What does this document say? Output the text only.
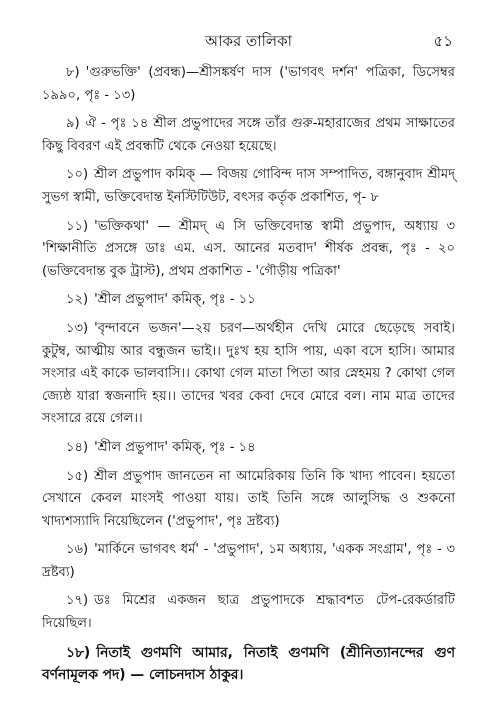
আকর তালিকা	৫১

৮) 'গুরুভক্তি' (প্রবন্ধ)—শ্রীসঙ্কর্ষণ দাস ('ভাগবৎ দর্শন' পত্রিকা, ডিসেম্বর ১৯৯০, পৃঃ - ১৩)

৯) ঐ - পৃঃ ১৪ শ্রীল প্রভুপাদের সঙ্গে তাঁর গুরু-মহারাজের প্রথম সাক্ষাতের কিছু বিবরণ এই প্রবন্ধটি থেকে নেওয়া হয়েছে।

১০) শ্রীল প্রভুপাদ কমিক্ — বিজয় গোবিন্দ দাস সম্পাদিত, বঙ্গানুবাদ শ্রীমদ্ সুভগ স্বামী, ভক্তিবেদান্ত ইনস্টিটিউট, বৎসর কর্তৃক প্রকাশিত, পৃ- ৮

১১) 'ভক্তিকথা' — শ্রীমদ্ এ সি ভক্তিবেদান্ত স্বামী প্রভুপাদ, অধ্যায় ৩ 'শিক্ষানীতি প্রসঙ্গে ডাঃ এম. এস. আনের মতবাদ' শীর্ষক প্রবন্ধ, পৃঃ - ২০ (ভক্তিবেদান্ত বুক ট্রাস্ট), প্রথম প্রকাশিত - 'গৌড়ীয় পত্রিকা'

১২) 'শ্রীল প্রভুপাদ' কমিক্, পৃঃ - ১১

১৩) 'বৃন্দাবনে ভজন'—২য় চরণ—অর্থহীন দেখি মোরে ছেড়েছে সবাই। কুটুম্ব, আত্মীয় আর বন্ধুজন ভাই।। দুঃখ হয় হাসি পায়, একা বসে হাসি। আমার সংসার এই কাকে ভালবাসি।। কোথা গেল মাতা পিতা আর স্নেহময় ? কোথা গেল জ্যেষ্ঠ যারা স্বজনাদি হয়।। তাদের খবর কেবা দেবে মোরে বল। নাম মাত্র তাদের সংসারে রয়ে গেল।।

১৪) 'শ্রীল প্রভুপাদ' কমিক্, পৃঃ - ১৪

১৫) শ্রীল প্রভুপাদ জানতেন না আমেরিকায় তিনি কি খাদ্য পাবেন। হয়তো সেখানে কেবল মাংসই পাওয়া যায়। তাই তিনি সঙ্গে আলুসিদ্ধ ও শুকনো খাদ্যশস্যাদি নিয়েছিলেন ('প্রভুপাদ', পৃঃ দ্রষ্টব্য)

১৬) 'মার্কিনে ভাগবৎ ধর্ম' - 'প্রভুপাদ', ১ম অধ্যায়, 'একক সংগ্রাম', পৃঃ - ৩ দ্রষ্টব্য)

১৭) ডঃ মিশ্রের একজন ছাত্র প্রভুপাদকে শ্রদ্ধাবশত টেপ-রেকর্ডারটি দিয়েছিল।

১৮) নিতাই গুণমণি আমার, নিতাই গুণমণি (শ্রীনিত্যানন্দের গুণ বর্ণনামূলক পদ) — লোচনদাস ঠাকুর।
